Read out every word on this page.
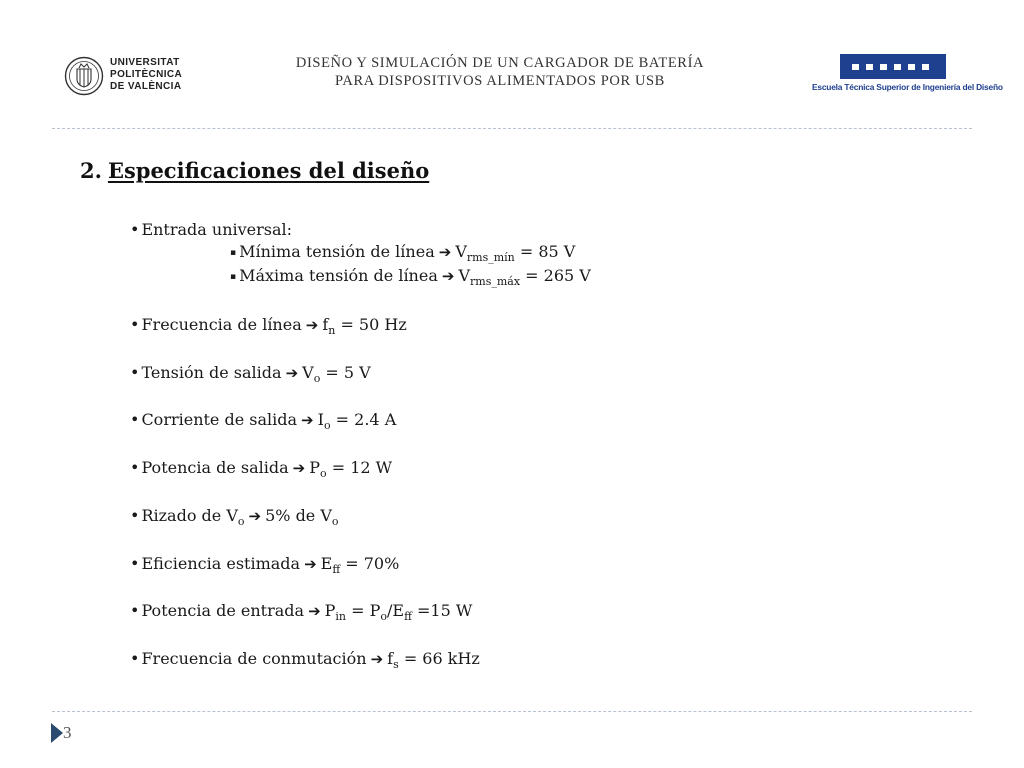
UNIVERSITAT
POLITÈCNICA
DE VALÈNCIA
DISEÑO Y SIMULACIÓN DE UN CARGADOR DE BATERÍA
PARA DISPOSITIVOS ALIMENTADOS POR USB	Escuela Técnica Superior de Ingeniería del Diseño
2. Especificaciones del diseño
• Entrada universal:
▪ Mínima tensión de línea ➔ $V_{rms\_mín} = 85$ V
▪ Máxima tensión de línea ➔ $V_{rms\_máx} = 265$ V
• Frecuencia de línea ➔ $f_n = 50$ Hz
• Tensión de salida ➔ $V_o = 5$ V
• Corriente de salida ➔ $I_o = 2.4$ A
• Potencia de salida ➔ $P_o = 12$ W
• Rizado de $V_o$ ➔ 5% de $V_o$
• Eficiencia estimada ➔ $E_{ff} = 70\%$
• Potencia de entrada ➔ $P_{in} = P_o/E_{ff} =15$ W
• Frecuencia de conmutación ➔ $f_s = 66$ kHz
3
